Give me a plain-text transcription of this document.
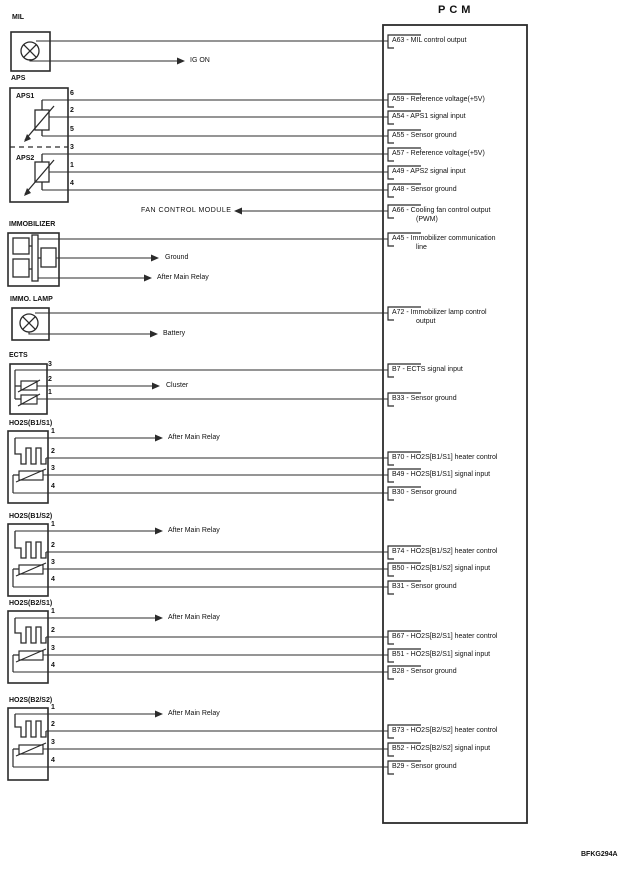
PCM
BFKG294A
MIL
APS
APS1
APS2
IMMOBILIZER
IMMO. LAMP
ECTS
HO2S(B1/S1)
HO2S(B1/S2)
HO2S(B2/S1)
HO2S(B2/S2)
6
2
5
3
1
4
3
2
1
1
2
3
4
1
2
3
4
1
2
3
4
1
2
3
4
IG ON
FAN CONTROL MODULE
Ground
After Main Relay
Battery
Cluster
After Main Relay
After Main Relay
After Main Relay
After Main Relay
A63 - MIL control output
A59 - Reference voltage(+5V)
A54 - APS1 signal input
A55 - Sensor ground
A57 - Reference voltage(+5V)
A49 - APS2 signal input
A48 - Sensor ground
A66 - Cooling fan control output
(PWM)
A45 - Immobilizer communication
line
A72 - Immobilizer lamp control
output
B7 - ECTS signal input
B33 - Sensor ground
B70 - HO2S[B1/S1] heater control
B49 - HO2S[B1/S1] signal input
B30 - Sensor ground
B74 - HO2S[B1/S2] heater control
B50 - HO2S[B1/S2] signal input
B31 - Sensor ground
B67 - HO2S[B2/S1] heater control
B51 - HO2S[B2/S1] signal input
B28 - Sensor ground
B73 - HO2S[B2/S2] heater control
B52 - HO2S[B2/S2] signal input
B29 - Sensor ground
